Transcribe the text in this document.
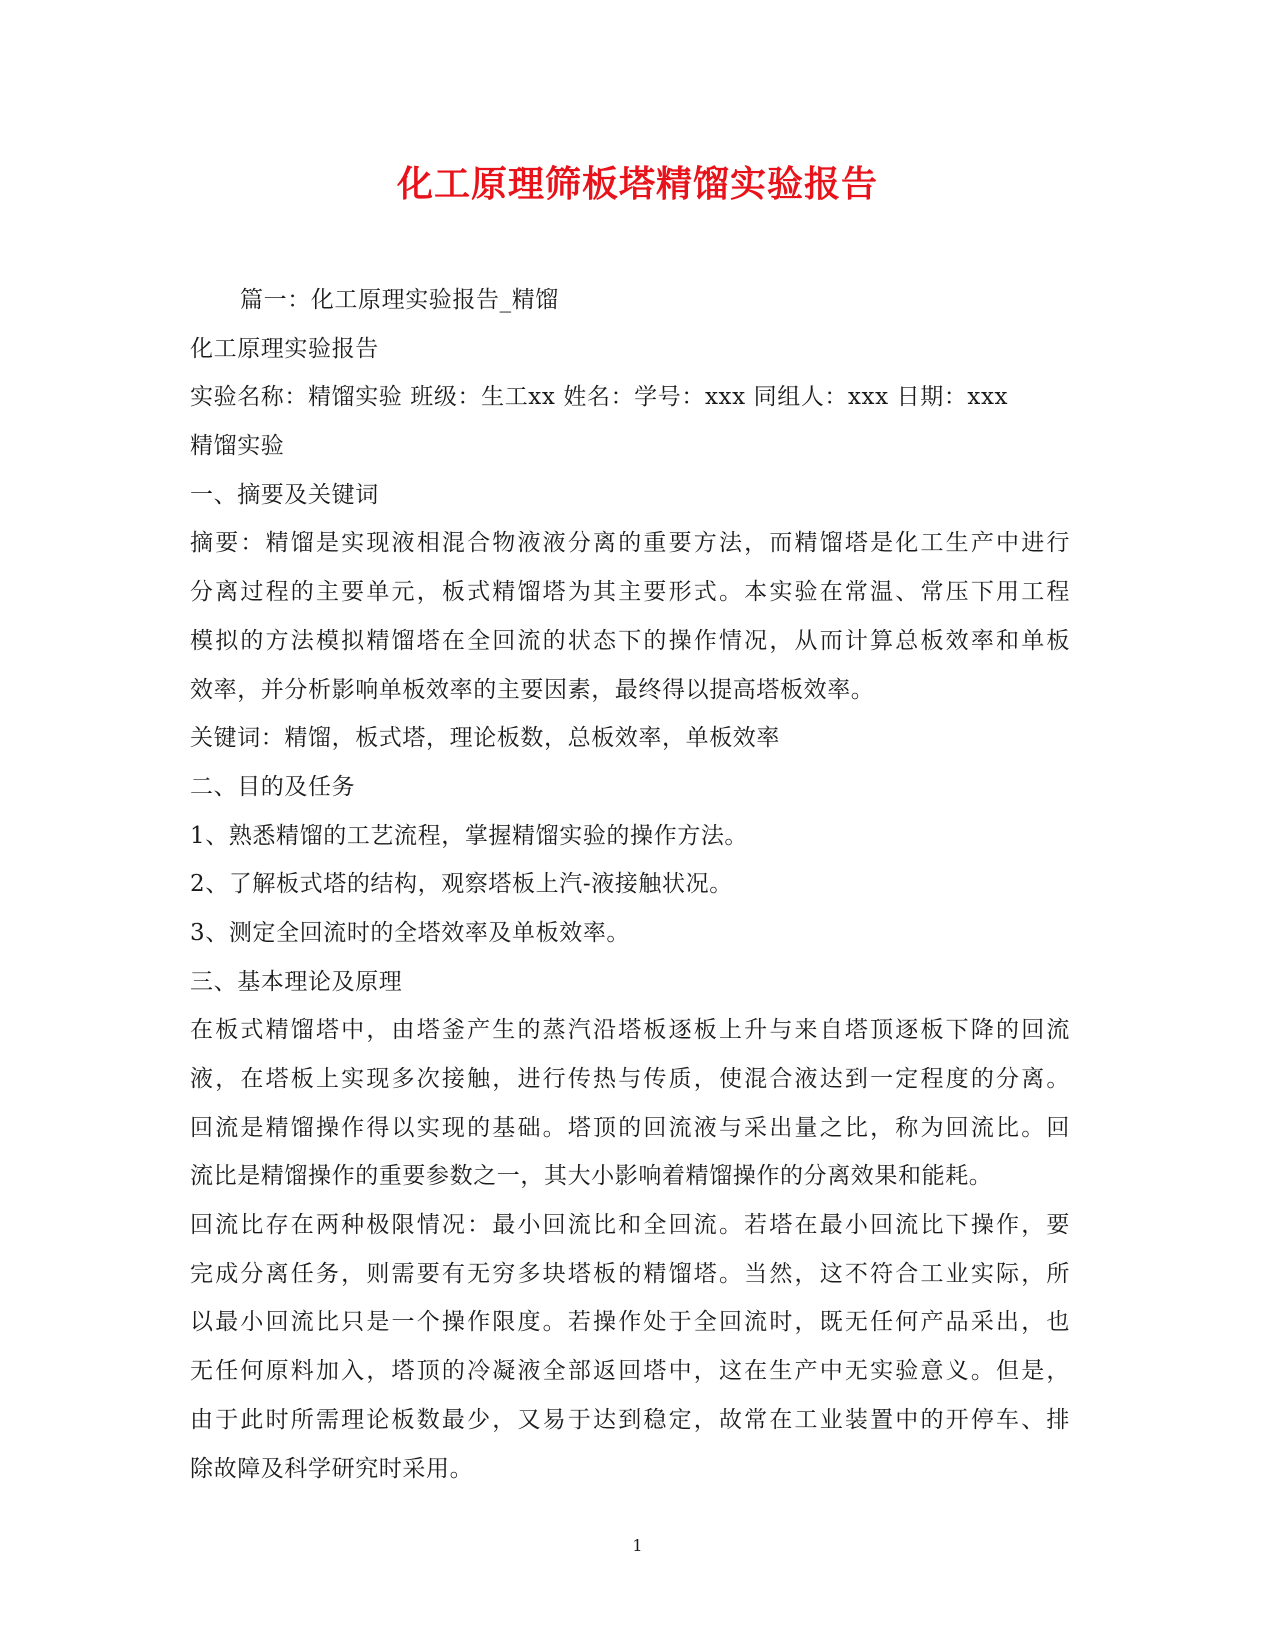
化工原理筛板塔精馏实验报告
篇一：化工原理实验报告_精馏
化工原理实验报告
实验名称：精馏实验 班级：生工xx 姓名：学号：xxx 同组人：xxx 日期：xxx
精馏实验
一、摘要及关键词
摘要：精馏是实现液相混合物液液分离的重要方法，而精馏塔是化工生产中进行
分离过程的主要单元，板式精馏塔为其主要形式。本实验在常温、常压下用工程
模拟的方法模拟精馏塔在全回流的状态下的操作情况，从而计算总板效率和单板
效率，并分析影响单板效率的主要因素，最终得以提高塔板效率。
关键词：精馏，板式塔，理论板数，总板效率，单板效率
二、目的及任务
1、熟悉精馏的工艺流程，掌握精馏实验的操作方法。
2、了解板式塔的结构，观察塔板上汽-液接触状况。
3、测定全回流时的全塔效率及单板效率。
三、基本理论及原理
在板式精馏塔中，由塔釜产生的蒸汽沿塔板逐板上升与来自塔顶逐板下降的回流
液，在塔板上实现多次接触，进行传热与传质，使混合液达到一定程度的分离。
回流是精馏操作得以实现的基础。塔顶的回流液与采出量之比，称为回流比。回
流比是精馏操作的重要参数之一，其大小影响着精馏操作的分离效果和能耗。
回流比存在两种极限情况：最小回流比和全回流。若塔在最小回流比下操作，要
完成分离任务，则需要有无穷多块塔板的精馏塔。当然，这不符合工业实际，所
以最小回流比只是一个操作限度。若操作处于全回流时，既无任何产品采出，也
无任何原料加入，塔顶的冷凝液全部返回塔中，这在生产中无实验意义。但是，
由于此时所需理论板数最少，又易于达到稳定，故常在工业装置中的开停车、排
除故障及科学研究时采用。
1
